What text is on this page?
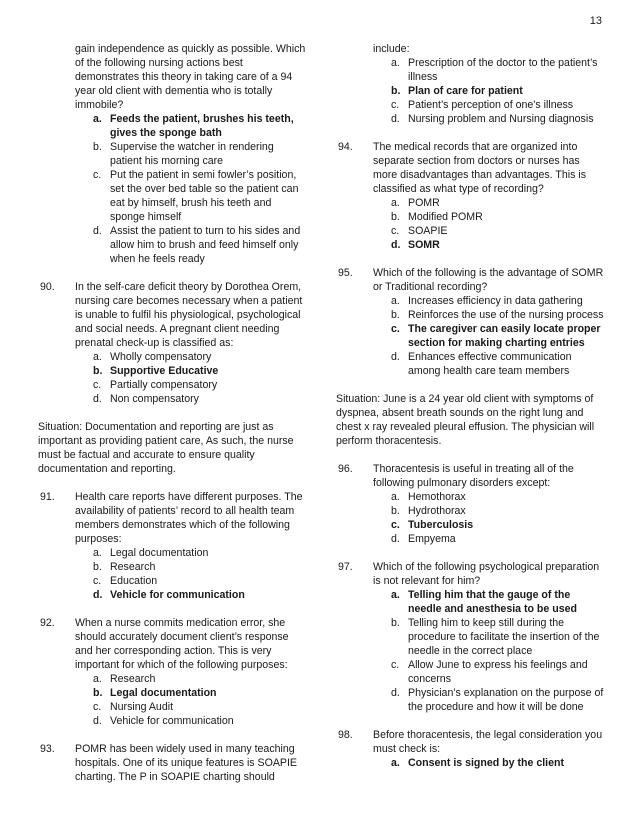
13
gain independence as quickly as possible. Which of the following nursing actions best demonstrates this theory in taking care of a 94 year old client with dementia who is totally immobile?
a. Feeds the patient, brushes his teeth, gives the sponge bath
b. Supervise the watcher in rendering patient his morning care
c. Put the patient in semi fowler’s position, set the over bed table so the patient can eat by himself, brush his teeth and sponge himself
d. Assist the patient to turn to his sides and allow him to brush and feed himself only when he feels ready
90. In the self-care deficit theory by Dorothea Orem, nursing care becomes necessary when a patient is unable to fulfil his physiological, psychological and social needs. A pregnant client needing prenatal check-up is classified as:
a. Wholly compensatory
b. Supportive Educative
c. Partially compensatory
d. Non compensatory
Situation: Documentation and reporting are just as important as providing patient care, As such, the nurse must be factual and accurate to ensure quality documentation and reporting.
91. Health care reports have different purposes. The availability of patients’ record to all health team members demonstrates which of the following purposes:
a. Legal documentation
b. Research
c. Education
d. Vehicle for communication
92. When a nurse commits medication error, she should accurately document client’s response and her corresponding action. This is very important for which of the following purposes:
a. Research
b. Legal documentation
c. Nursing Audit
d. Vehicle for communication
93. POMR has been widely used in many teaching hospitals. One of its unique features is SOAPIE charting. The P in SOAPIE charting should
include:
a. Prescription of the doctor to the patient’s illness
b. Plan of care for patient
c. Patient’s perception of one’s illness
d. Nursing problem and Nursing diagnosis
94. The medical records that are organized into separate section from doctors or nurses has more disadvantages than advantages. This is classified as what type of recording?
a. POMR
b. Modified POMR
c. SOAPIE
d. SOMR
95. Which of the following is the advantage of SOMR or Traditional recording?
a. Increases efficiency in data gathering
b. Reinforces the use of the nursing process
c. The caregiver can easily locate proper section for making charting entries
d. Enhances effective communication among health care team members
Situation: June is a 24 year old client with symptoms of dyspnea, absent breath sounds on the right lung and chest x ray revealed pleural effusion. The physician will perform thoracentesis.
96. Thoracentesis is useful in treating all of the following pulmonary disorders except:
a. Hemothorax
b. Hydrothorax
c. Tuberculosis
d. Empyema
97. Which of the following psychological preparation is not relevant for him?
a. Telling him that the gauge of the needle and anesthesia to be used
b. Telling him to keep still during the procedure to facilitate the insertion of the needle in the correct place
c. Allow June to express his feelings and concerns
d. Physician’s explanation on the purpose of the procedure and how it will be done
98. Before thoracentesis, the legal consideration you must check is:
a. Consent is signed by the client
